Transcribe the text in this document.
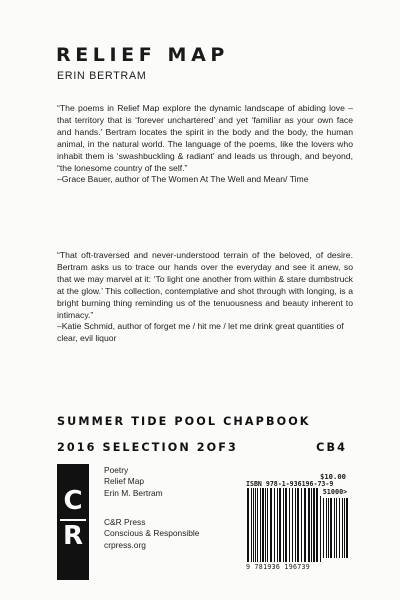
RELIEF MAP
ERIN BERTRAM

“The poems in Relief Map explore the dynamic landscape of abiding love – that territory that is ‘forever unchartered’ and yet ‘familiar as your own face and hands.’ Bertram locates the spirit in the body and the body, the human animal, in the natural world. The language of the poems, like the lovers who inhabit them is ‘swashbuckling & radiant’ and leads us through, and beyond, “the lonesome country of the self.”

–Grace Bauer, author of The Women At The Well and Mean/ Time

“That oft-traversed and never-understood terrain of the beloved, of desire. Bertram asks us to trace our hands over the everyday and see it anew, so that we may marvel at it: ‘To light one another from within & stare dumbstruck at the glow.’ This collection, contemplative and shot through with longing, is a bright burning thing reminding us of the tenuousness and beauty inherent to intimacy.”

–Katie Schmid, author of forget me / hit me / let me drink great quantities of clear, evil liquor

SUMMER TIDE POOL CHAPBOOK
2016 SELECTION 2OF3	CB4
C
R
Poetry
Relief Map
Erin M. Bertram
C&R Press
Conscious & Responsible
crpress.org
$10.00
ISBN 978-1-936196-73-9
51000>
9 781936 196739
